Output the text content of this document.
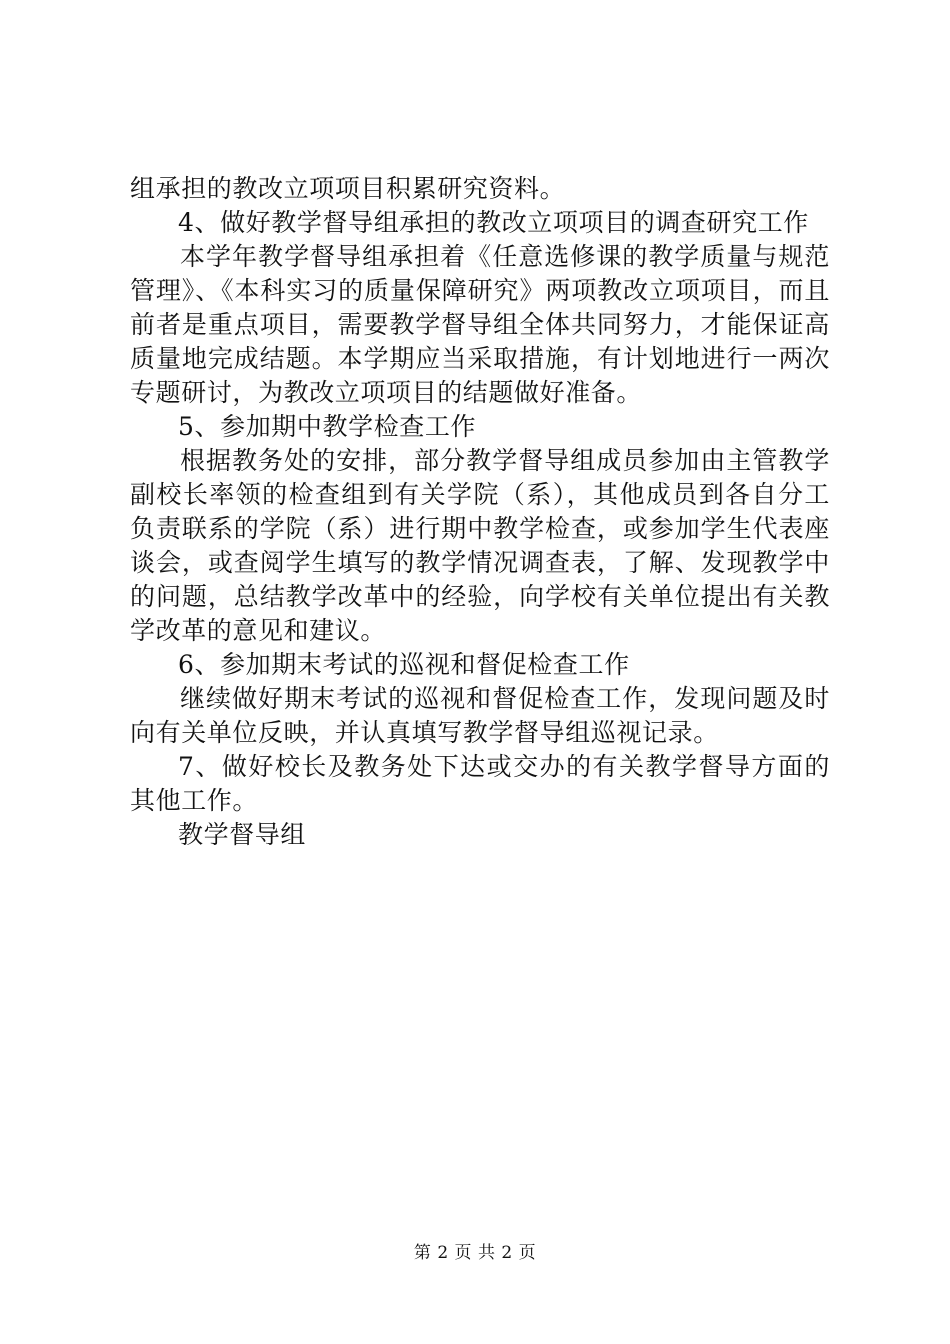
组承担的教改立项项目积累研究资料。

4、做好教学督导组承担的教改立项项目的调查研究工作

本学年教学督导组承担着《任意选修课的教学质量与规范管理》、《本科实习的质量保障研究》两项教改立项项目，而且前者是重点项目，需要教学督导组全体共同努力，才能保证高质量地完成结题。本学期应当采取措施，有计划地进行一两次专题研讨，为教改立项项目的结题做好准备。

5、参加期中教学检查工作

根据教务处的安排，部分教学督导组成员参加由主管教学副校长率领的检查组到有关学院（系），其他成员到各自分工负责联系的学院（系）进行期中教学检查，或参加学生代表座谈会，或查阅学生填写的教学情况调查表，了解、发现教学中的问题，总结教学改革中的经验，向学校有关单位提出有关教学改革的意见和建议。

6、参加期末考试的巡视和督促检查工作

继续做好期末考试的巡视和督促检查工作，发现问题及时向有关单位反映，并认真填写教学督导组巡视记录。

7、做好校长及教务处下达或交办的有关教学督导方面的其他工作。

教学督导组

第 2 页 共 2 页
